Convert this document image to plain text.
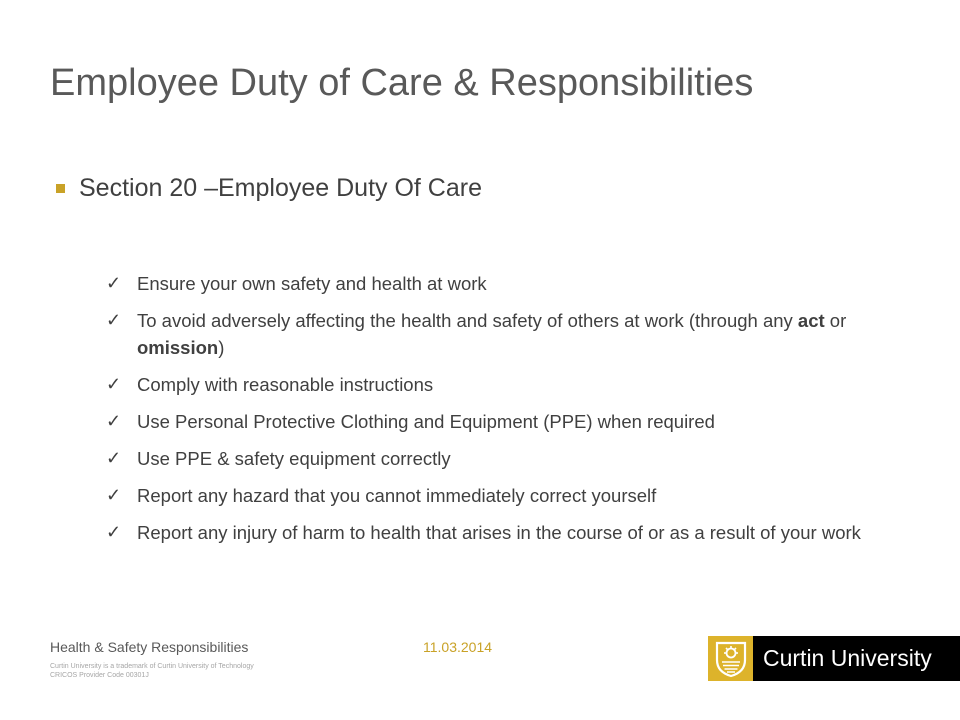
Employee Duty of Care & Responsibilities
Section 20 –Employee Duty Of Care
✓ Ensure your own safety and health at work
✓ To avoid adversely affecting the health and safety of others at work (through any act or omission)
✓ Comply with reasonable instructions
✓ Use Personal Protective Clothing and Equipment (PPE) when required
✓ Use PPE & safety equipment correctly
✓ Report any hazard that you cannot immediately correct yourself
✓ Report any injury of harm to health that arises in the course of or as a result of your work
Health & Safety Responsibilities
Curtin University is a trademark of Curtin University of Technology
CRICOS Provider Code 00301J
11.03.2014	Curtin University
